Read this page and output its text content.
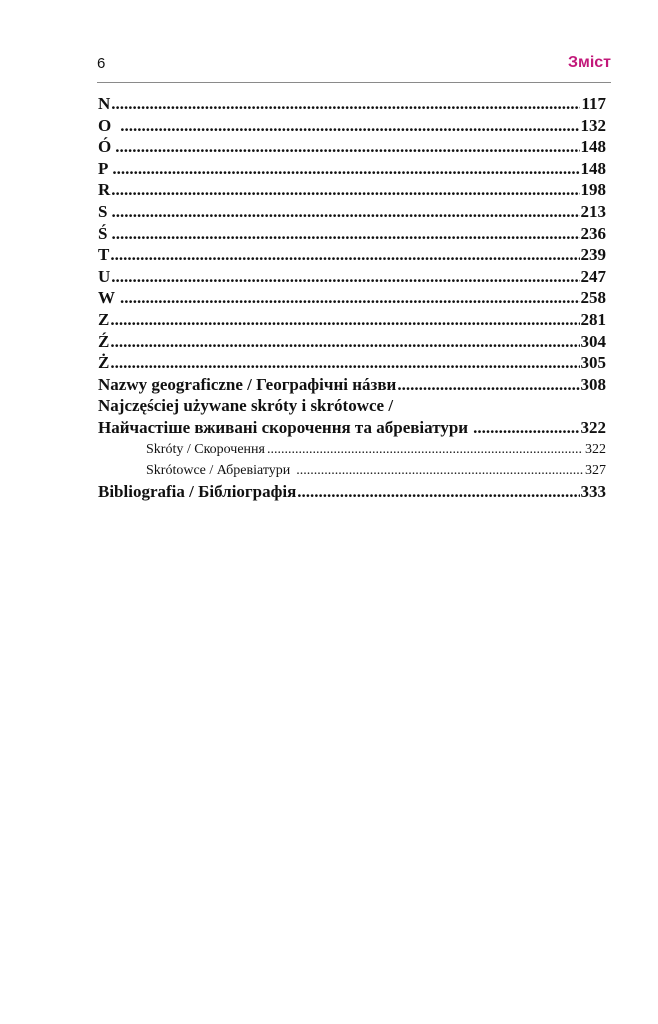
6	Зміст
N .....	117
O .....	132
Ó .....	148
P .....	148
R .....	198
S .....	213
Ś .....	236
T .....	239
U .....	247
W .....	258
Z .....	281
Ź .....	304
Ż .....	305
Nazwy geograficzne / Географічні нáзви .....	308
Najczęściej używane skróty i skrótowce /
Найчастіше вживані скорочення та абревіатури .....	322
Skróty / Скорочення .....	322
Skrótowce / Абревіатури .....	327
Bibliografia / Бібліографія .....	333
